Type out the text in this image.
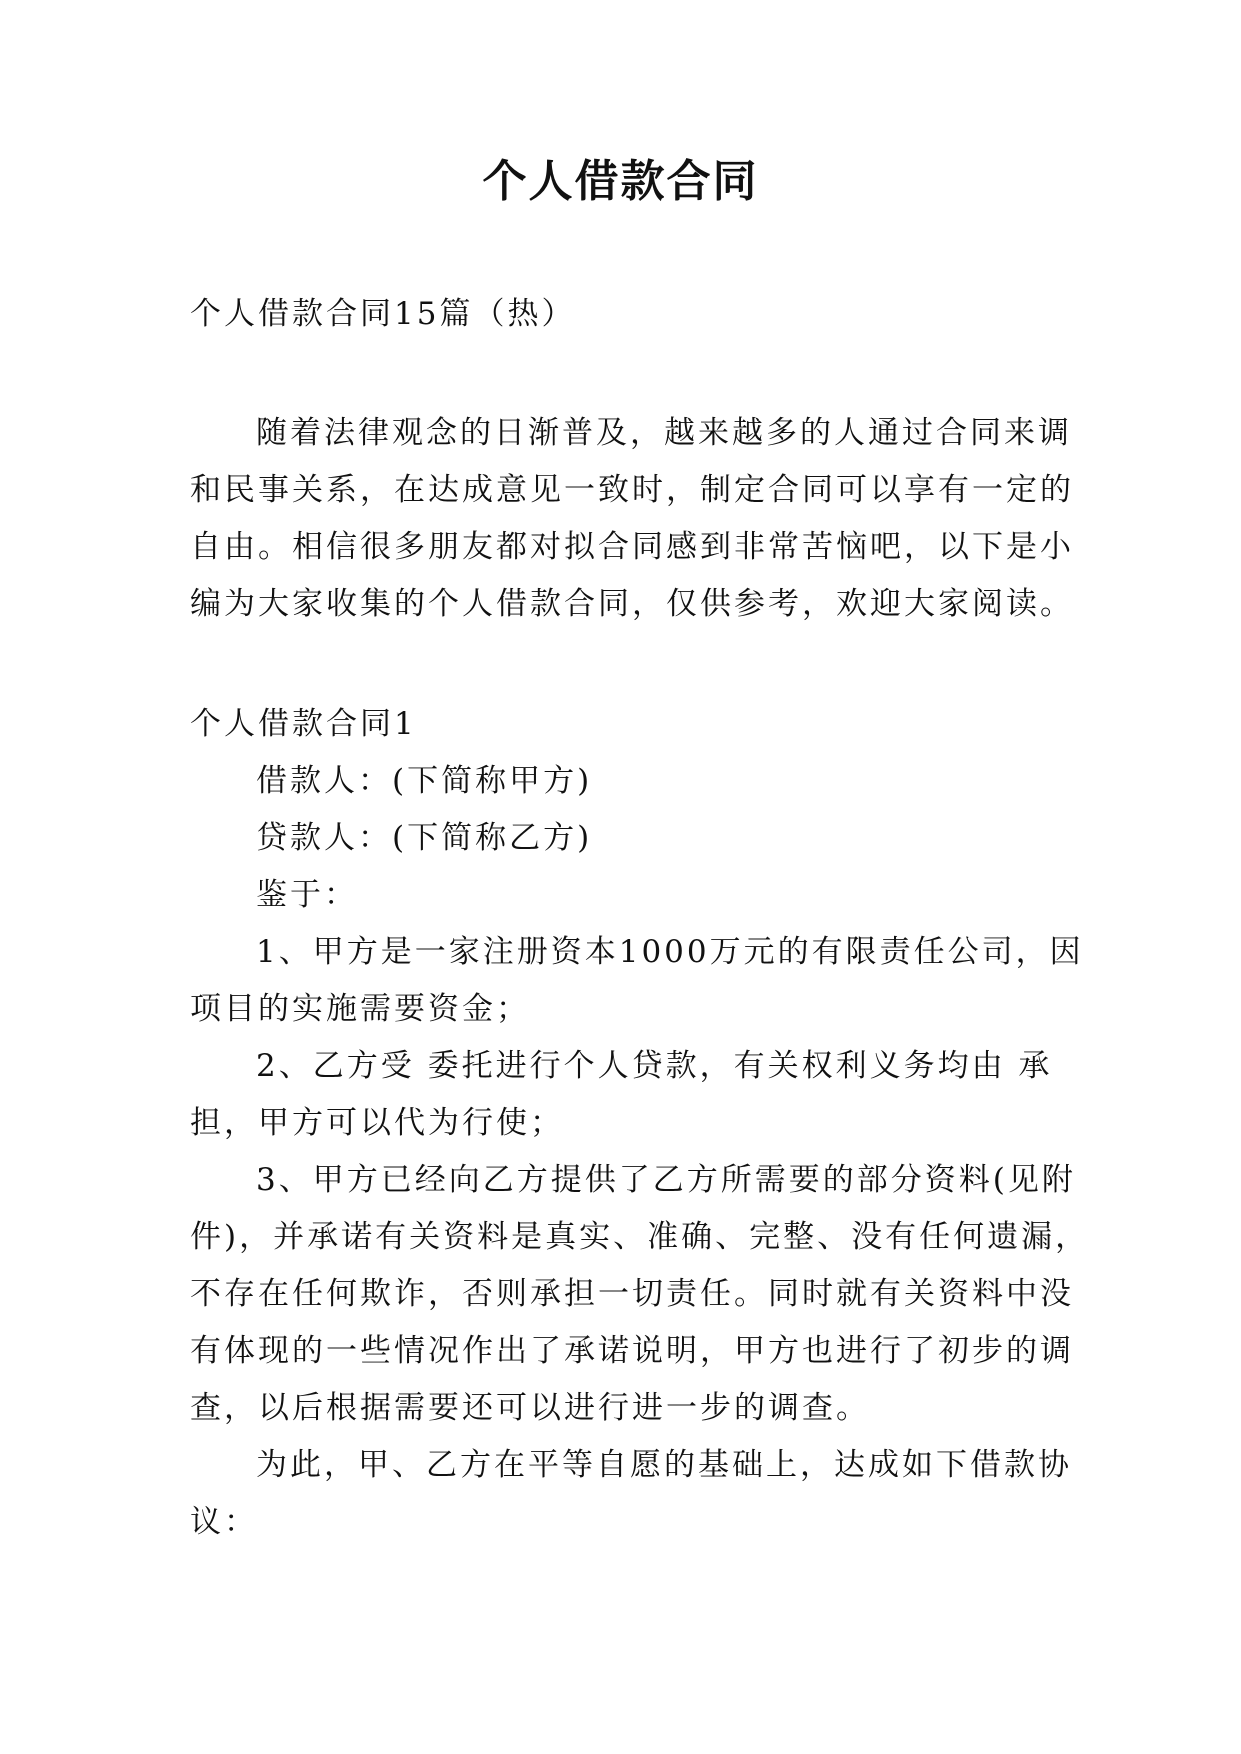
个人借款合同
个人借款合同15篇（热）
随着法律观念的日渐普及，越来越多的人通过合同来调
和民事关系，在达成意见一致时，制定合同可以享有一定的
自由。相信很多朋友都对拟合同感到非常苦恼吧，以下是小
编为大家收集的个人借款合同，仅供参考，欢迎大家阅读。
个人借款合同1
借款人：(下简称甲方)
贷款人：(下简称乙方)
鉴于：
1、甲方是一家注册资本1000万元的有限责任公司，因
项目的实施需要资金；
2、乙方受 委托进行个人贷款，有关权利义务均由 承
担，甲方可以代为行使；
3、甲方已经向乙方提供了乙方所需要的部分资料(见附
件)，并承诺有关资料是真实、准确、完整、没有任何遗漏，
不存在任何欺诈，否则承担一切责任。同时就有关资料中没
有体现的一些情况作出了承诺说明，甲方也进行了初步的调
查，以后根据需要还可以进行进一步的调查。
为此，甲、乙方在平等自愿的基础上，达成如下借款协
议：
